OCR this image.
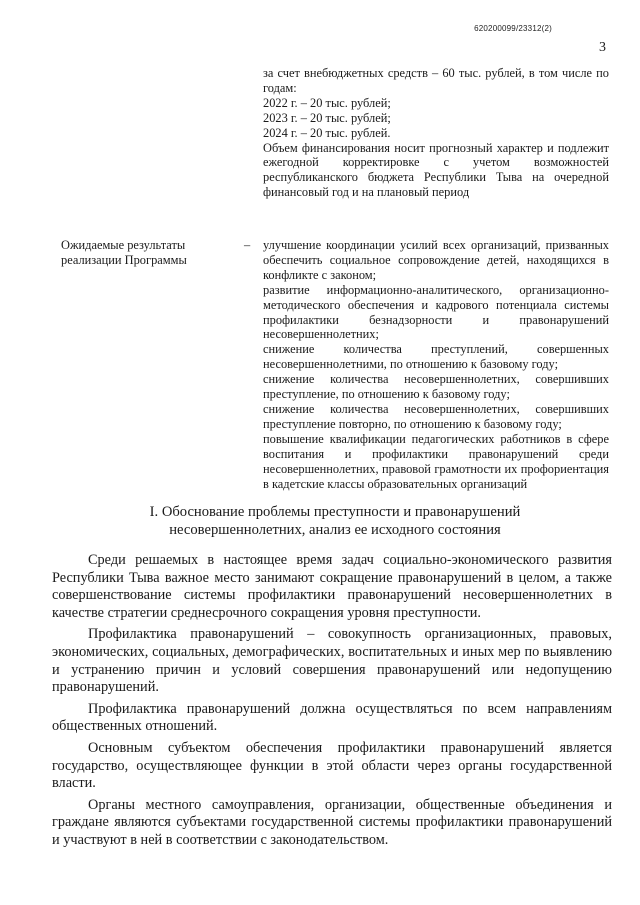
620200099/23312(2)
3

за счет внебюджетных средств – 60 тыс. рублей, в том числе по годам:

2022 г. – 20 тыс. рублей;

2023 г. – 20 тыс. рублей;

2024 г. – 20 тыс. рублей.

Объем финансирования носит прогнозный характер и подлежит ежегодной корректировке с учетом возможностей республиканского бюджета Республики Тыва на очередной финансовый год и на плановый период

Ожидаемые результаты реализации Программы
– улучшение координации усилий всех организаций, призванных обеспечить социальное сопровождение детей, находящихся в конфликте с законом;

развитие информационно-аналитического, организационно-методического обеспечения и кадрового потенциала системы профилактики безнадзорности и правонарушений несовершеннолетних;

снижение количества преступлений, совершенных несовершеннолетними, по отношению к базовому году;

снижение количества несовершеннолетних, совершивших преступление, по отношению к базовому году;

снижение количества несовершеннолетних, совершивших преступление повторно, по отношению к базовому году;

повышение квалификации педагогических работников в сфере воспитания и профилактики правонарушений среди несовершеннолетних, правовой грамотности их профориентация в кадетские классы образовательных организаций

I. Обоснование проблемы преступности и правонарушений
несовершеннолетних, анализ ее исходного состояния

Среди решаемых в настоящее время задач социально-экономического развития Республики Тыва важное место занимают сокращение правонарушений в целом, а также совершенствование системы профилактики правонарушений несовершеннолетних в качестве стратегии среднесрочного сокращения уровня преступности.

Профилактика правонарушений – совокупность организационных, правовых, экономических, социальных, демографических, воспитательных и иных мер по выявлению и устранению причин и условий совершения правонарушений или недопущению правонарушений.

Профилактика правонарушений должна осуществляться по всем направлениям общественных отношений.

Основным субъектом обеспечения профилактики правонарушений является государство, осуществляющее функции в этой области через органы государственной власти.

Органы местного самоуправления, организации, общественные объединения и граждане являются субъектами государственной системы профилактики правонарушений и участвуют в ней в соответствии с законодательством.
